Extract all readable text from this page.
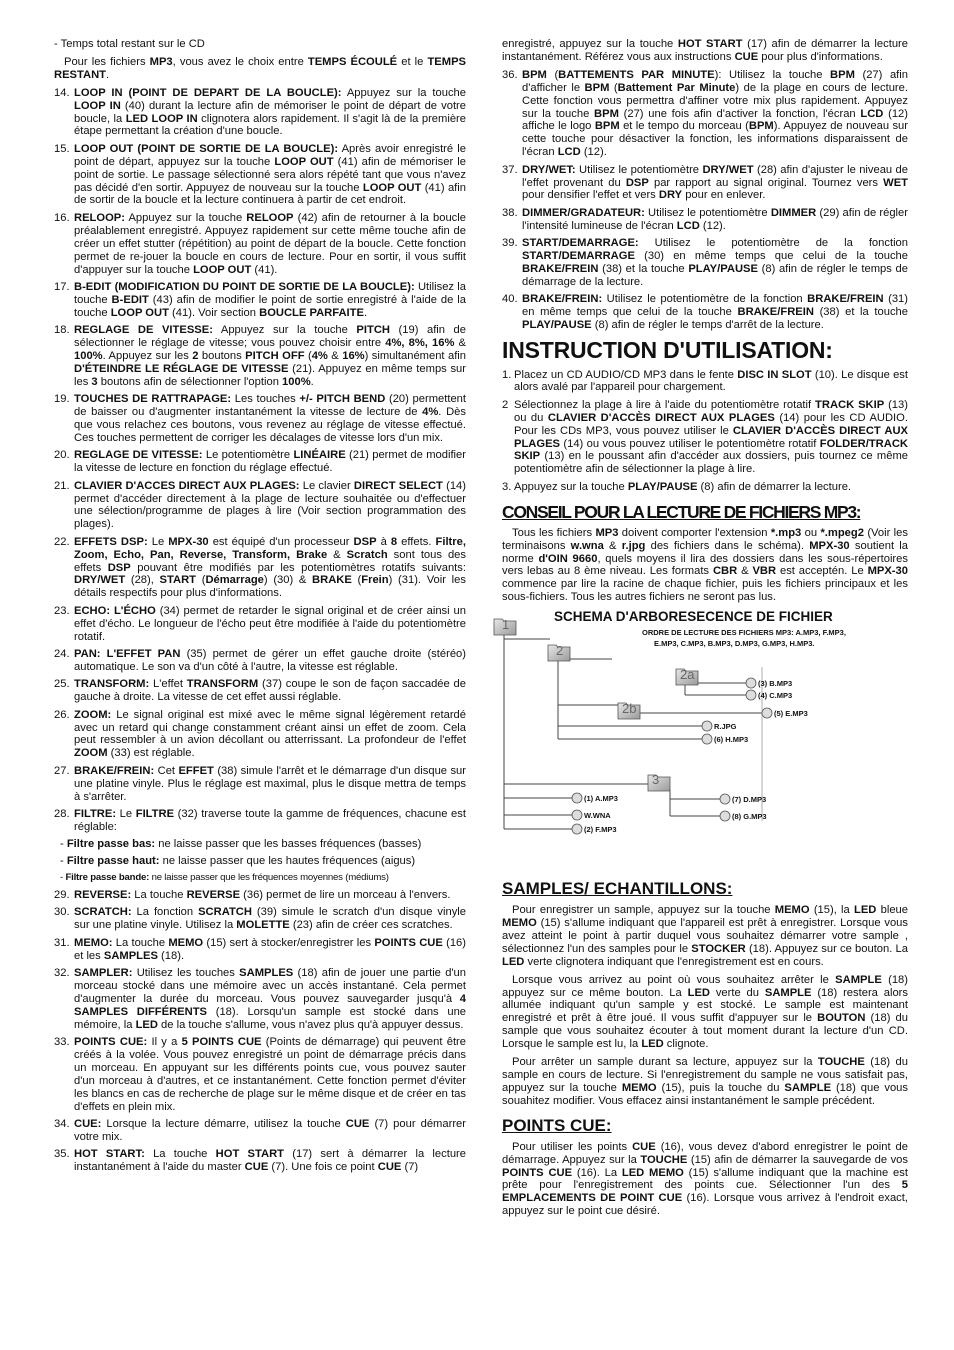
- Temps total restant sur le CD

Pour les fichiers MP3, vous avez le choix entre TEMPS ÉCOULÉ et le TEMPS RESTANT.

14. LOOP IN (POINT DE DEPART DE LA BOUCLE): Appuyez sur la touche LOOP IN (40) durant la lecture afin de mémoriser le point de départ de votre boucle, la LED LOOP IN clignotera alors rapidement. Il s'agit là de la première étape permettant la création d'une boucle.
15. LOOP OUT (POINT DE SORTIE DE LA BOUCLE): Après avoir enregistré le point de départ, appuyez sur la touche LOOP OUT (41) afin de mémoriser le point de sortie. Le passage sélectionné sera alors répété tant que vous n'avez pas décidé d'en sortir. Appuyez de nouveau sur la touche LOOP OUT (41) afin de sortir de la boucle et la lecture continuera à partir de cet endroit.
16. RELOOP: Appuyez sur la touche RELOOP (42) afin de retourner à la boucle préalablement enregistré. Appuyez rapidement sur cette même touche afin de créer un effet stutter (répétition) au point de départ de la boucle. Cette fonction permet de re-jouer la boucle en cours de lecture. Pour en sortir, il vous suffit d'appuyer sur la touche LOOP OUT (41).
17. B-EDIT (MODIFICATION DU POINT DE SORTIE DE LA BOUCLE): Utilisez la touche B-EDIT (43) afin de modifier le point de sortie enregistré à l'aide de la touche LOOP OUT (41). Voir section BOUCLE PARFAITE.
18. REGLAGE DE VITESSE: Appuyez sur la touche PITCH (19) afin de sélectionner le réglage de vitesse; vous pouvez choisir entre 4%, 8%, 16% & 100%. Appuyez sur les 2 boutons PITCH OFF (4% & 16%) simultanément afin D'ÉTEINDRE LE RÉGLAGE DE VITESSE (21). Appuyez en même temps sur les 3 boutons afin de sélectionner l'option 100%.
19. TOUCHES DE RATTRAPAGE: Les touches +/- PITCH BEND (20) permettent de baisser ou d'augmenter instantanément la vitesse de lecture de 4%. Dès que vous relachez ces boutons, vous revenez au réglage de vitesse effectué. Ces touches permettent de corriger les décalages de vitesse lors d'un mix.
20. REGLAGE DE VITESSE: Le potentiomètre LINÉAIRE (21) permet de modifier la vitesse de lecture en fonction du réglage effectué.
21. CLAVIER D'ACCES DIRECT AUX PLAGES: Le clavier DIRECT SELECT (14) permet d'accéder directement à la plage de lecture souhaitée ou d'effectuer une sélection/programme de plages à lire (Voir section programmation des plages).
22. EFFETS DSP: Le MPX-30 est équipé d'un processeur DSP à 8 effets. Filtre, Zoom, Echo, Pan, Reverse, Transform, Brake & Scratch sont tous des effets DSP pouvant être modifiés par les potentiomètres rotatifs suivants: DRY/WET (28), START (Démarrage) (30) & BRAKE (Frein) (31). Voir les détails respectifs pour plus d'informations.
23. ECHO: L'ÉCHO (34) permet de retarder le signal original et de créer ainsi un effet d'écho. Le longueur de l'écho peut être modifiée à l'aide du potentiomètre rotatif.
24. PAN: L'EFFET PAN (35) permet de gérer un effet gauche droite (stéréo) automatique. Le son va d'un côté à l'autre, la vitesse est réglable.
25. TRANSFORM: L'effet TRANSFORM (37) coupe le son de façon saccadée de gauche à droite. La vitesse de cet effet aussi réglable.
26. ZOOM: Le signal original est mixé avec le même signal légèrement retardé avec un retard qui change constamment créant ainsi un effet de zoom. Cela peut ressembler à un avion décollant ou atterrissant. La profondeur de l'effet ZOOM (33) est réglable.
27. BRAKE/FREIN: Cet EFFET (38) simule l'arrêt et le démarrage d'un disque sur une platine vinyle. Plus le réglage est maximal, plus le disque mettra de temps à s'arrêter.
28. FILTRE: Le FILTRE (32) traverse toute la gamme de fréquences, chacune est réglable:

- Filtre passe bas: ne laisse passer que les basses fréquences (basses)

- Filtre passe haut: ne laisse passer que les hautes fréquences (aigus)

- Filtre passe bande: ne laisse passer que les fréquences moyennes (médiums)

29. REVERSE: La touche REVERSE (36) permet de lire un morceau à l'envers.
30. SCRATCH: La fonction SCRATCH (39) simule le scratch d'un disque vinyle sur une platine vinyle. Utilisez la MOLETTE (23) afin de créer ces scratches.
31. MEMO: La touche MEMO (15) sert à stocker/enregistrer les POINTS CUE (16) et les SAMPLES (18).
32. SAMPLER: Utilisez les touches SAMPLES (18) afin de jouer une partie d'un morceau stocké dans une mémoire avec un accès instantané. Cela permet d'augmenter la durée du morceau. Vous pouvez sauvegarder jusqu'à 4 SAMPLES DIFFÉRENTS (18). Lorsqu'un sample est stocké dans une mémoire, la LED de la touche s'allume, vous n'avez plus qu'à appuyer dessus.
33. POINTS CUE: Il y a 5 POINTS CUE (Points de démarrage) qui peuvent être créés à la volée. Vous pouvez enregistré un point de démarrage précis dans un morceau. En appuyant sur les différents points cue, vous pouvez sauter d'un morceau à d'autres, et ce instantanément. Cette fonction permet d'éviter les blancs en cas de recherche de plage sur le même disque et de créer en tas d'effets en plein mix.
34. CUE: Lorsque la lecture démarre, utilisez la touche CUE (7) pour démarrer votre mix.
35. HOT START: La touche HOT START (17) sert à démarrer la lecture instantanément à l'aide du master CUE (7). Une fois ce point CUE (7)

enregistré, appuyez sur la touche HOT START (17) afin de démarrer la lecture instantanément. Référez vous aux instructions CUE pour plus d'informations.

36. BPM (BATTEMENTS PAR MINUTE): Utilisez la touche BPM (27) afin d'afficher le BPM (Battement Par Minute) de la plage en cours de lecture. Cette fonction vous permettra d'affiner votre mix plus rapidement. Appuyez sur la touche BPM (27) une fois afin d'activer la fonction, l'écran LCD (12) affiche le logo BPM et le tempo du morceau (BPM). Appuyez de nouveau sur cette touche pour désactiver la fonction, les informations disparaissent de l'écran LCD (12).
37. DRY/WET: Utilisez le potentiomètre DRY/WET (28) afin d'ajuster le niveau de l'effet provenant du DSP par rapport au signal original. Tournez vers WET pour densifier l'effet et vers DRY pour en enlever.
38. DIMMER/GRADATEUR: Utilisez le potentiomètre DIMMER (29) afin de régler l'intensité lumineuse de l'écran LCD (12).
39. START/DEMARRAGE: Utilisez le potentiomètre de la fonction START/DEMARRAGE (30) en même temps que celui de la touche BRAKE/FREIN (38) et la touche PLAY/PAUSE (8) afin de régler le temps de démarrage de la lecture.
40. BRAKE/FREIN: Utilisez le potentiomètre de la fonction BRAKE/FREIN (31) en même temps que celui de la touche BRAKE/FREIN (38) et la touche PLAY/PAUSE (8) afin de régler le temps d'arrêt de la lecture.
INSTRUCTION D'UTILISATION:
1. Placez un CD AUDIO/CD MP3 dans le fente DISC IN SLOT (10). Le disque est alors avalé par l'appareil pour chargement.
2 Sélectionnez la plage à lire à l'aide du potentiomètre rotatif TRACK SKIP (13) ou du CLAVIER D'ACCÈS DIRECT AUX PLAGES (14) pour les CD AUDIO. Pour les CDs MP3, vous pouvez utiliser le CLAVIER D'ACCÈS DIRECT AUX PLAGES (14) ou vous pouvez utiliser le potentiomètre rotatif FOLDER/TRACK SKIP (13) en le poussant afin d'accéder aux dossiers, puis tournez ce même potentiomètre afin de sélectionner la plage à lire.
3. Appuyez sur la touche PLAY/PAUSE (8) afin de démarrer la lecture.
CONSEIL POUR LA LECTURE DE FICHIERS MP3:

Tous les fichiers MP3 doivent comporter l'extension *.mp3 ou *.mpeg2 (Voir les terminaisons w.wna & r.jpg des fichiers dans le schéma). MPX-30 soutient la norme d'OIN 9660, quels moyens il lira des dossiers dans les sous-répertoires vers lebas au 8 ème niveau. Les formats CBR & VBR est acceptén. Le MPX-30 commence par lire la racine de chaque fichier, puis les fichiers principaux et les sous-fichiers. Tous les autres fichiers ne seront pas lus.

1
2
2a
2b
3
SCHEMA D'ARBORESECENCE DE FICHIER
ORDRE DE LECTURE DES FICHIERS MP3: A.MP3, F.MP3,
E.MP3, C.MP3, B.MP3, D.MP3, G.MP3, H.MP3.
(3) B.MP3
(4) C.MP3
(5) E.MP3
R.JPG
(6) H.MP3
(1) A.MP3
W.WNA
(2) F.MP3
(7) D.MP3
(8) G.MP3
SAMPLES/ ECHANTILLONS:

Pour enregistrer un sample, appuyez sur la touche MEMO (15), la LED bleue MEMO (15) s'allume indiquant que l'appareil est prêt à enregistrer. Lorsque vous avez atteint le point à partir duquel vous souhaitez démarrer votre sample , sélectionnez l'un des samples pour le STOCKER (18). Appuyez sur ce bouton. La LED verte clignotera indiquant que l'enregistrement est en cours.

Lorsque vous arrivez au point où vous souhaitez arrêter le SAMPLE (18) appuyez sur ce même bouton. La LED verte du SAMPLE (18) restera alors allumée indiquant qu'un sample y est stocké. Le sample est maintenant enregistré et prêt à être joué. Il vous suffit d'appuyer sur le BOUTON (18) du sample que vous souhaitez écouter à tout moment durant la lecture d'un CD. Lorsque le sample est lu, la LED clignote.

Pour arrêter un sample durant sa lecture, appuyez sur la TOUCHE (18) du sample en cours de lecture. Si l'enregistrement du sample ne vous satisfait pas, appuyez sur la touche MEMO (15), puis la touche du SAMPLE (18) que vous souahitez modifier. Vous effacez ainsi instantanément le sample précédent.

POINTS CUE:

Pour utiliser les points CUE (16), vous devez d'abord enregistrer le point de démarrage. Appuyez sur la TOUCHE (15) afin de démarrer la sauvegarde de vos POINTS CUE (16). La LED MEMO (15) s'allume indiquant que la machine est prête pour l'enregistrement des points cue. Sélectionner l'un des 5 EMPLACEMENTS DE POINT CUE (16). Lorsque vous arrivez à l'endroit exact, appuyez sur le point cue désiré.
